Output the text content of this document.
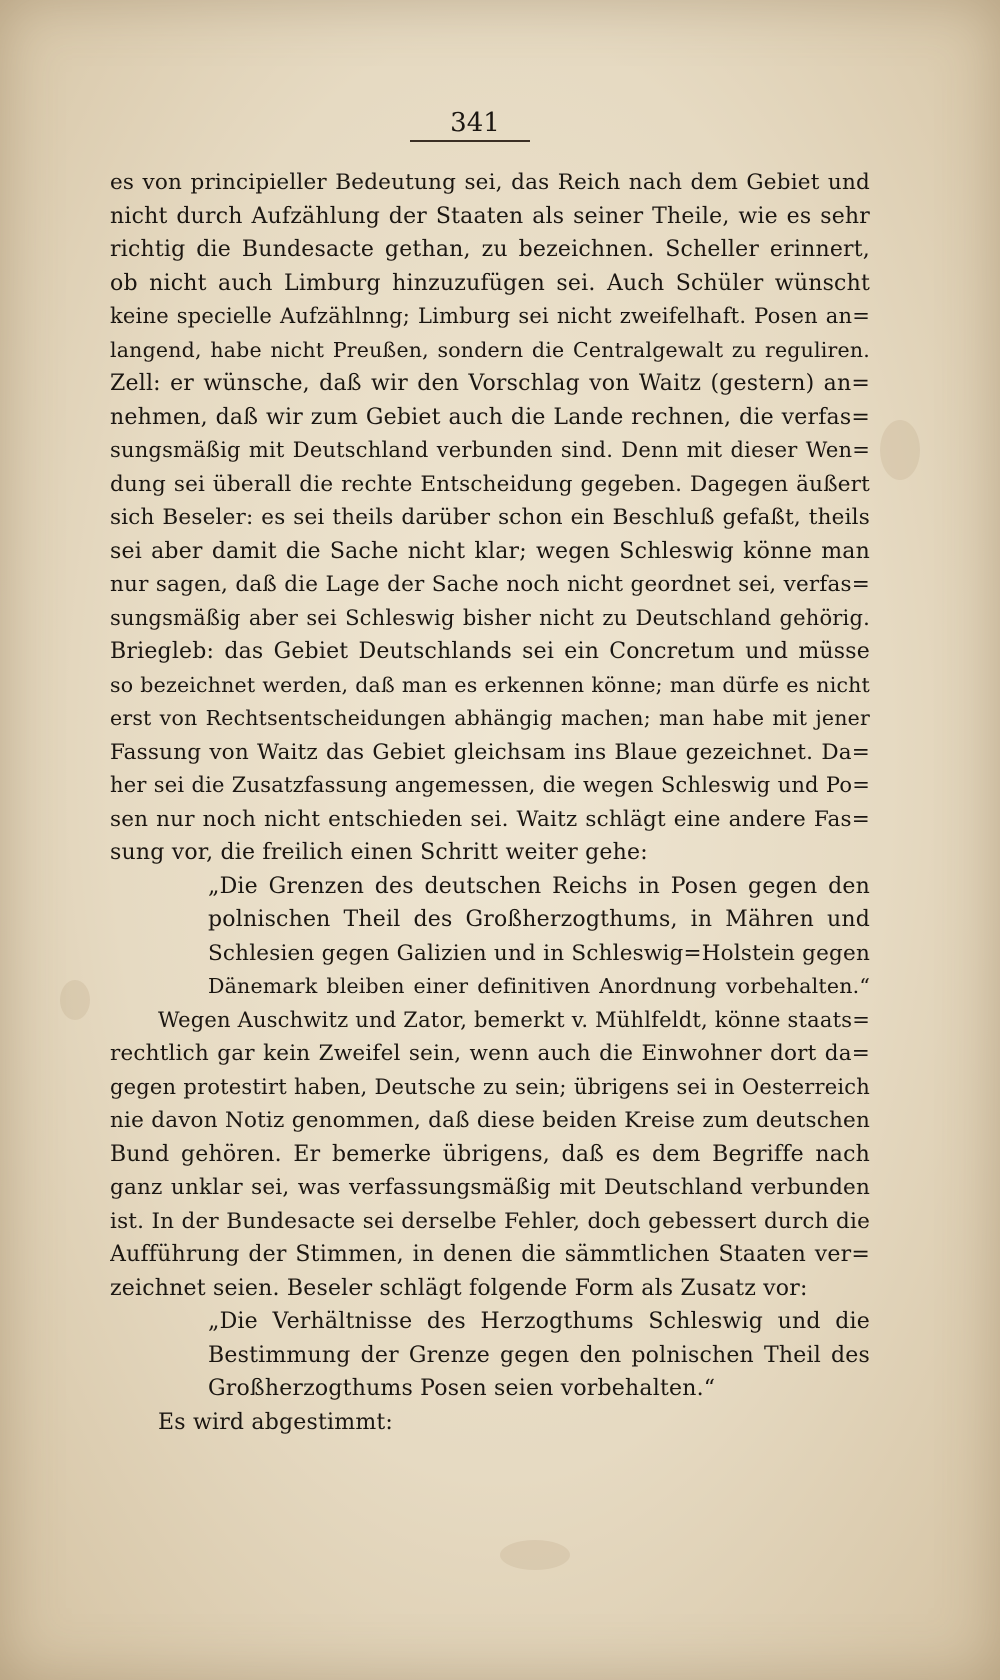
341
es von principieller Bedeutung sei, das Reich nach dem Gebiet und
nicht durch Aufzählung der Staaten als seiner Theile, wie es sehr
richtig die Bundesacte gethan, zu bezeichnen. Scheller erinnert,
ob nicht auch Limburg hinzuzufügen sei. Auch Schüler wünscht
keine specielle Aufzählnng; Limburg sei nicht zweifelhaft. Posen an=
langend, habe nicht Preußen, sondern die Centralgewalt zu reguliren.
Zell: er wünsche, daß wir den Vorschlag von Waitz (gestern) an=
nehmen, daß wir zum Gebiet auch die Lande rechnen, die verfas=
sungsmäßig mit Deutschland verbunden sind. Denn mit dieser Wen=
dung sei überall die rechte Entscheidung gegeben. Dagegen äußert
sich Beseler: es sei theils darüber schon ein Beschluß gefaßt, theils
sei aber damit die Sache nicht klar; wegen Schleswig könne man
nur sagen, daß die Lage der Sache noch nicht geordnet sei, verfas=
sungsmäßig aber sei Schleswig bisher nicht zu Deutschland gehörig.
Briegleb: das Gebiet Deutschlands sei ein Concretum und müsse
so bezeichnet werden, daß man es erkennen könne; man dürfe es nicht
erst von Rechtsentscheidungen abhängig machen; man habe mit jener
Fassung von Waitz das Gebiet gleichsam ins Blaue gezeichnet. Da=
her sei die Zusatzfassung angemessen, die wegen Schleswig und Po=
sen nur noch nicht entschieden sei. Waitz schlägt eine andere Fas=
sung vor, die freilich einen Schritt weiter gehe:
„Die Grenzen des deutschen Reichs in Posen gegen den
polnischen Theil des Großherzogthums, in Mähren und
Schlesien gegen Galizien und in Schleswig=Holstein gegen
Dänemark bleiben einer definitiven Anordnung vorbehalten.“
Wegen Auschwitz und Zator, bemerkt v. Mühlfeldt, könne staats=
rechtlich gar kein Zweifel sein, wenn auch die Einwohner dort da=
gegen protestirt haben, Deutsche zu sein; übrigens sei in Oesterreich
nie davon Notiz genommen, daß diese beiden Kreise zum deutschen
Bund gehören. Er bemerke übrigens, daß es dem Begriffe nach
ganz unklar sei, was verfassungsmäßig mit Deutschland verbunden
ist. In der Bundesacte sei derselbe Fehler, doch gebessert durch die
Aufführung der Stimmen, in denen die sämmtlichen Staaten ver=
zeichnet seien. Beseler schlägt folgende Form als Zusatz vor:
„Die Verhältnisse des Herzogthums Schleswig und die
Bestimmung der Grenze gegen den polnischen Theil des
Großherzogthums Posen seien vorbehalten.“
Es wird abgestimmt:
